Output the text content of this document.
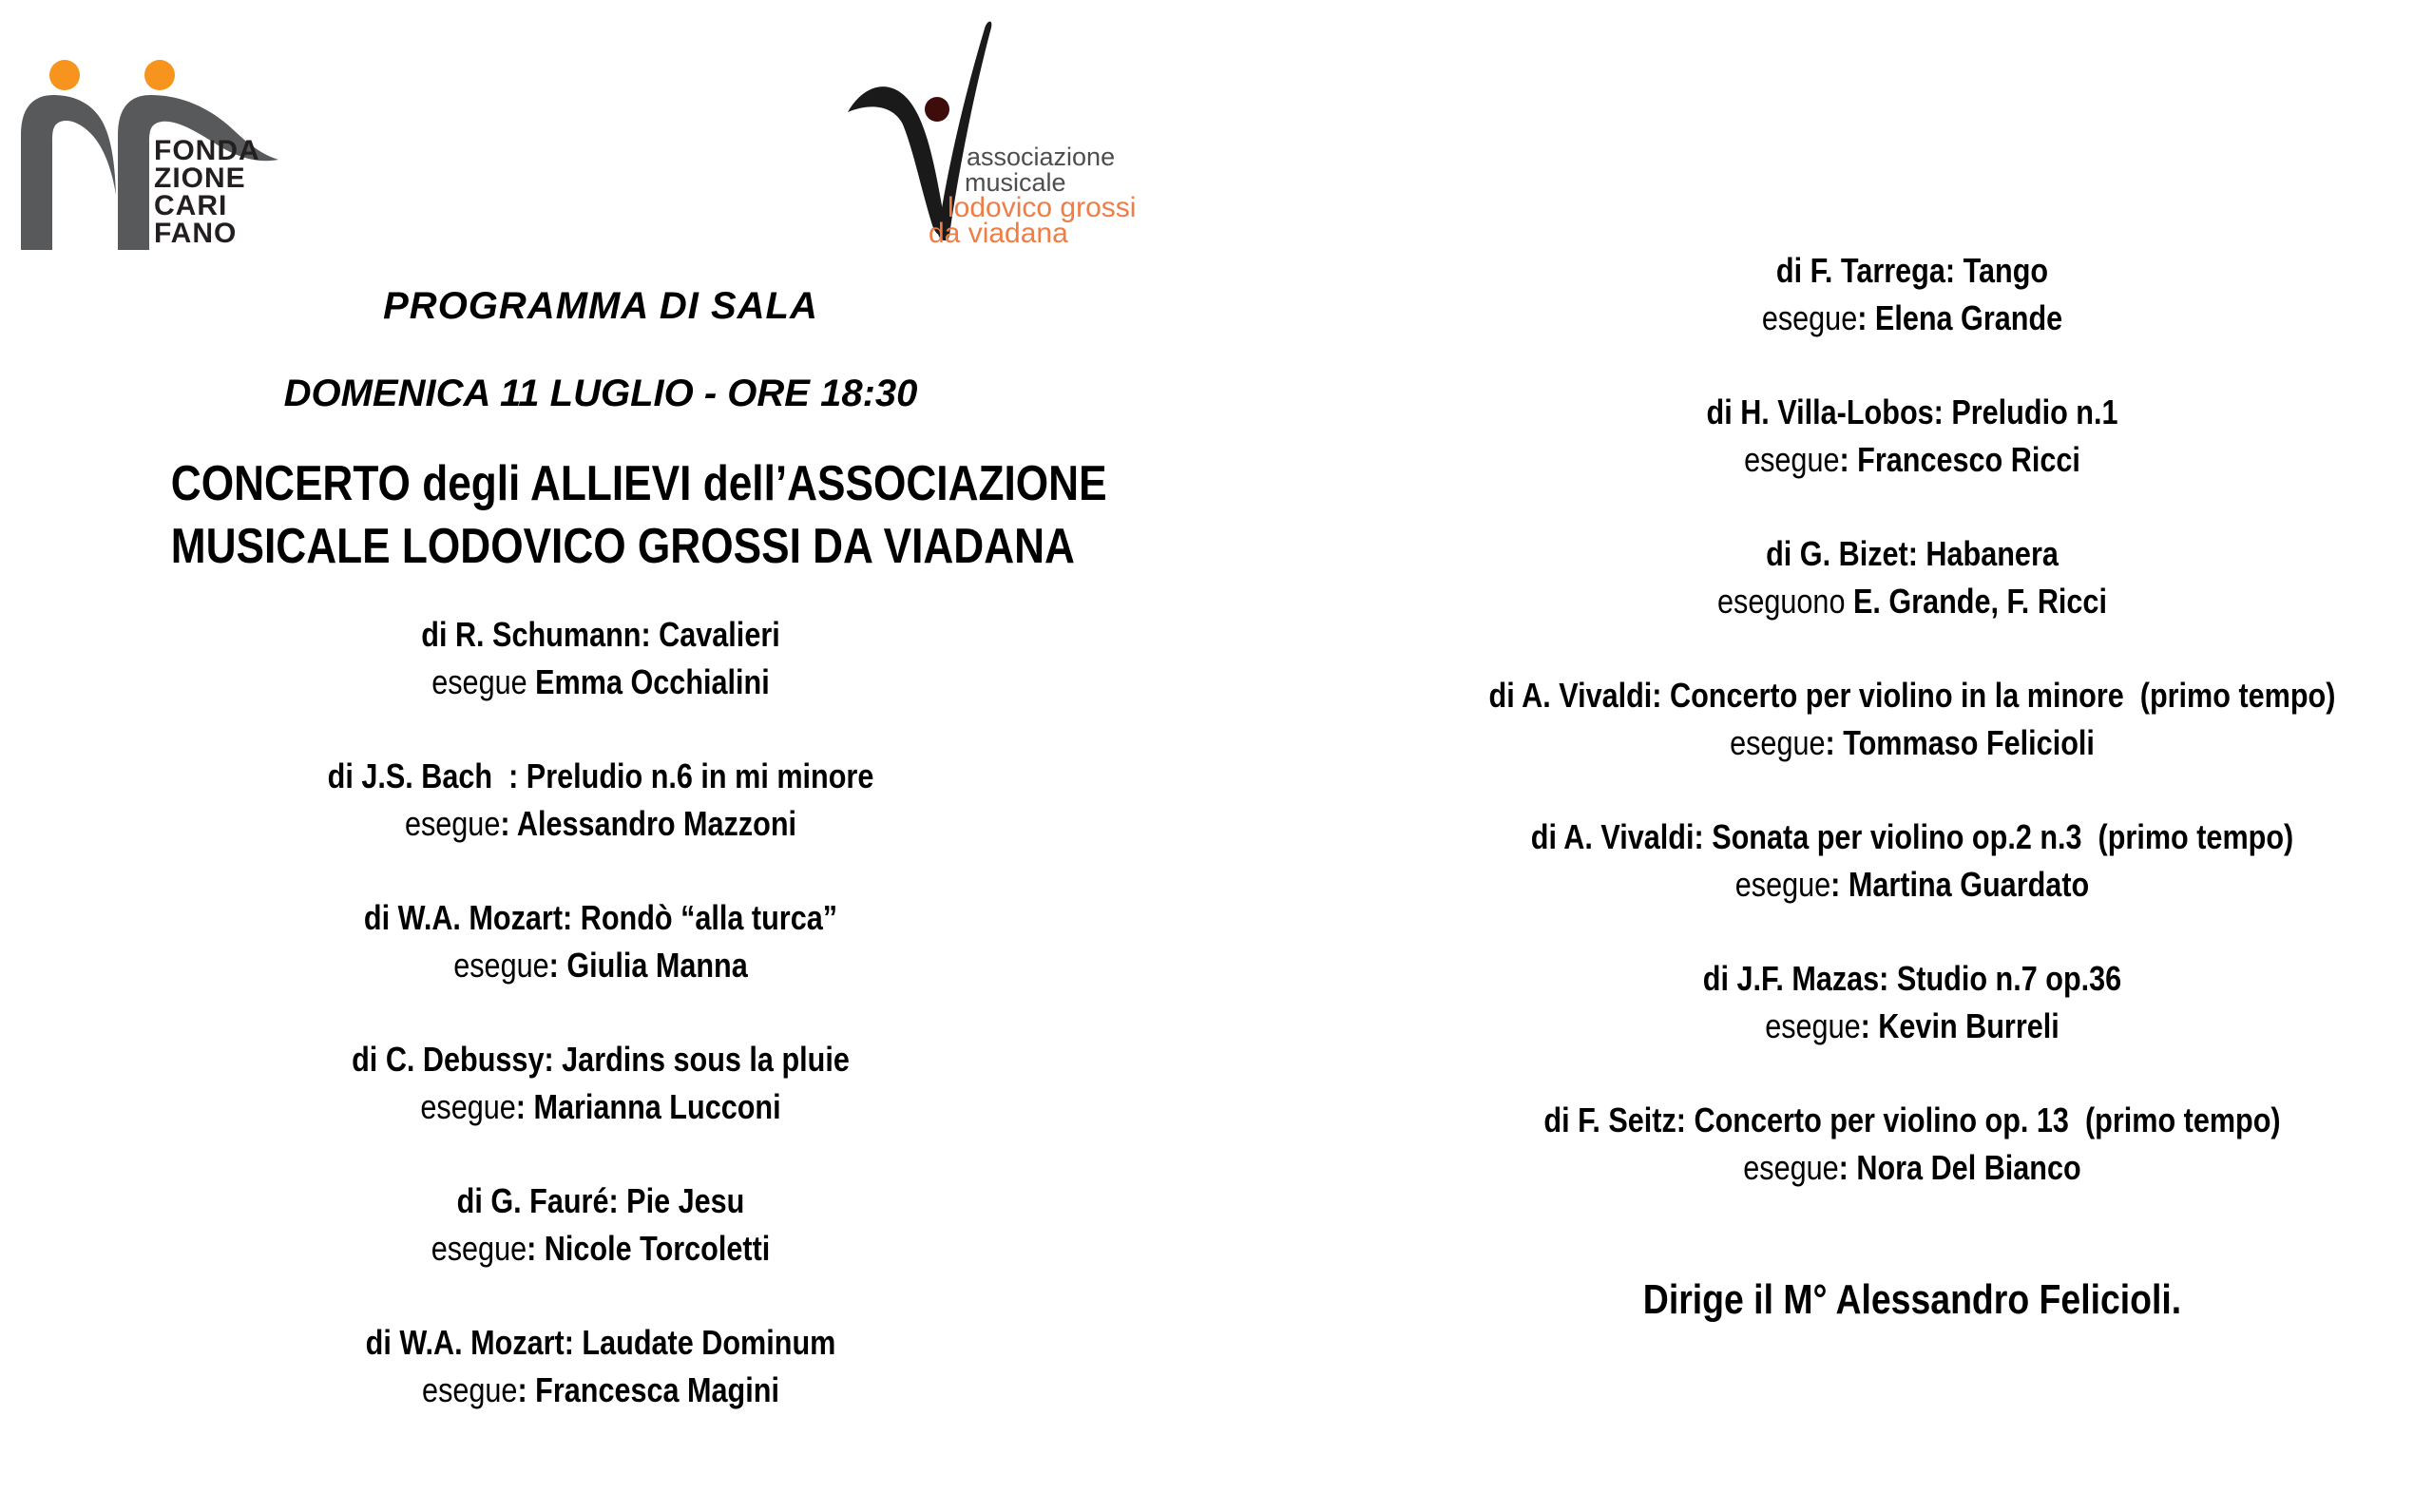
FONDA
ZIONE
CARI
FANO
associazione
musicale
lodovico grossi
da viadana
PROGRAMMA DI SALA
DOMENICA 11 LUGLIO - ORE 18:30
CONCERTO degli ALLIEVI dell’ASSOCIAZIONE
MUSICALE LODOVICO GROSSI DA VIADANA
di R. Schumann: Cavalieri
esegue Emma Occhialini
di J.S. Bach  : Preludio n.6 in mi minore
esegue: Alessandro Mazzoni
di W.A. Mozart: Rondò “alla turca”
esegue: Giulia Manna
di C. Debussy: Jardins sous la pluie
esegue: Marianna Lucconi
di G. Fauré: Pie Jesu
esegue: Nicole Torcoletti
di W.A. Mozart: Laudate Dominum
esegue: Francesca Magini
di F. Tarrega: Tango
esegue: Elena Grande
di H. Villa-Lobos: Preludio n.1
esegue: Francesco Ricci
di G. Bizet: Habanera
eseguono E. Grande, F. Ricci
di A. Vivaldi: Concerto per violino in la minore  (primo tempo)
esegue: Tommaso Felicioli
di A. Vivaldi: Sonata per violino op.2 n.3  (primo tempo)
esegue: Martina Guardato
di J.F. Mazas: Studio n.7 op.36
esegue: Kevin Burreli
di F. Seitz: Concerto per violino op. 13  (primo tempo)
esegue: Nora Del Bianco
Dirige il M° Alessandro Felicioli.
